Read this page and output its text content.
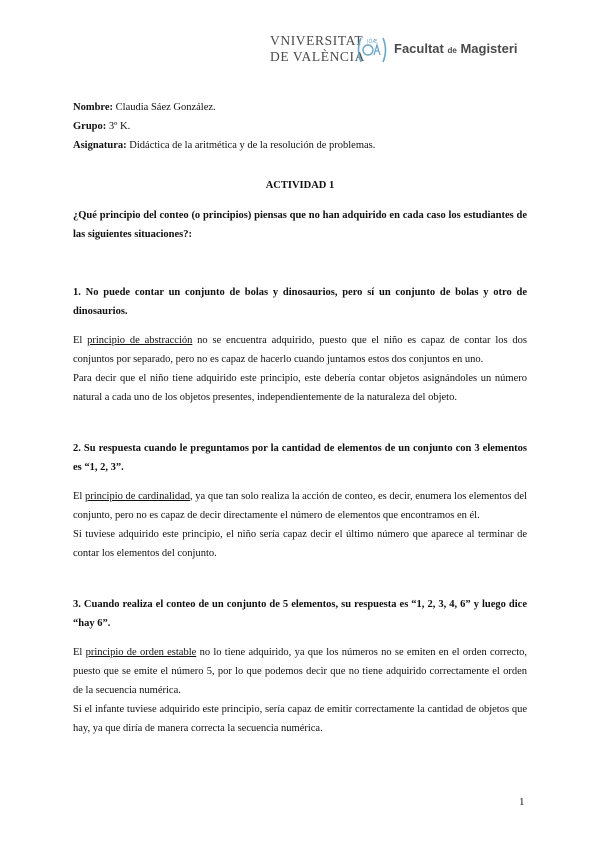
VNIVERSITAT
DE VALÈNCIA
(ÓÆ Facultat de Magisteri

Nombre: Claudia Sáez González.

Grupo: 3º K.

Asignatura: Didáctica de la aritmética y de la resolución de problemas.

ACTIVIDAD 1

¿Qué principio del conteo (o principios) piensas que no han adquirido en cada caso los estudiantes de las siguientes situaciones?:

1. No puede contar un conjunto de bolas y dinosaurios, pero sí un conjunto de bolas y otro de dinosaurios.

El principio de abstracción no se encuentra adquirido, puesto que el niño es capaz de contar los dos conjuntos por separado, pero no es capaz de hacerlo cuando juntamos estos dos conjuntos en uno.

Para decir que el niño tiene adquirido este principio, este debería contar objetos asignándoles un número natural a cada uno de los objetos presentes, independientemente de la naturaleza del objeto.

2. Su respuesta cuando le preguntamos por la cantidad de elementos de un conjunto con 3 elementos es “1, 2, 3”.

El principio de cardinalidad, ya que tan solo realiza la acción de conteo, es decir, enumera los elementos del conjunto, pero no es capaz de decir directamente el número de elementos que encontramos en él.

Si tuviese adquirido este principio, el niño sería capaz decir el último número que aparece al terminar de contar los elementos del conjunto.

3. Cuando realiza el conteo de un conjunto de 5 elementos, su respuesta es “1, 2, 3, 4, 6” y luego dice “hay 6”.

El principio de orden estable no lo tiene adquirido, ya que los números no se emiten en el orden correcto, puesto que se emite el número 5, por lo que podemos decir que no tiene adquirido correctamente el orden de la secuencia numérica.

Si el infante tuviese adquirido este principio, sería capaz de emitir correctamente la cantidad de objetos que hay, ya que diría de manera correcta la secuencia numérica.

1
